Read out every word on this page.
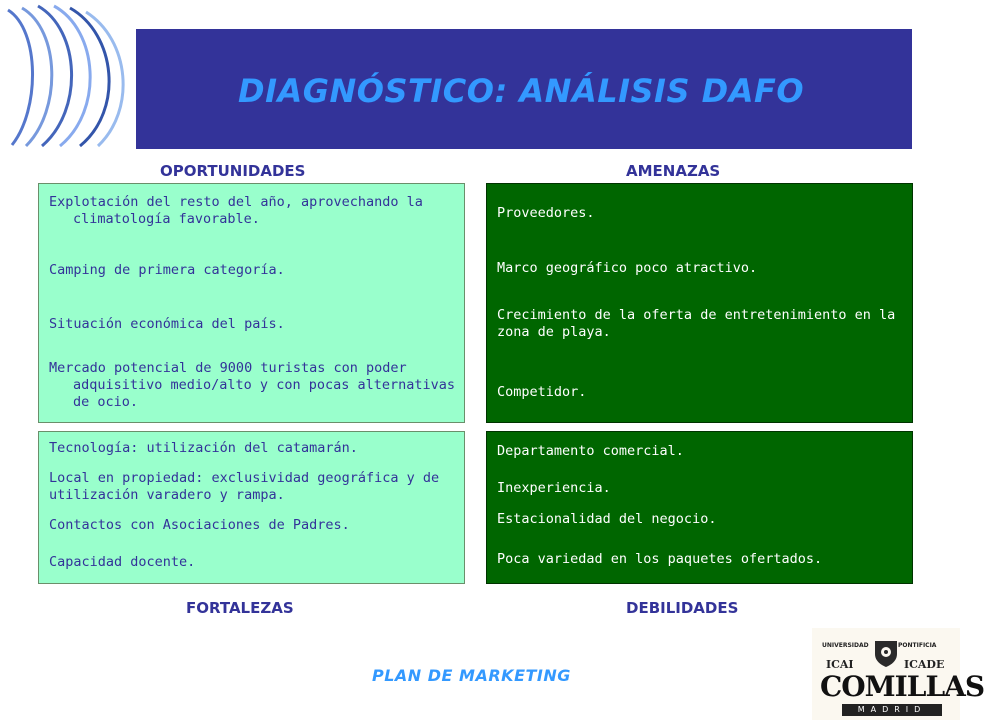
DIAGNÓSTICO: ANÁLISIS DAFO
OPORTUNIDADES	AMENAZAS
Explotación del resto del año, aprovechando la climatología favorable.
Camping de primera categoría.
Situación económica del país.
Mercado potencial de 9000 turistas con poder adquisitivo medio/alto y con pocas alternativas de ocio.
Proveedores.
Marco geográfico poco atractivo.
Crecimiento de la oferta de entretenimiento en la zona de playa.
Competidor.
Tecnología: utilización del catamarán.
Local en propiedad: exclusividad geográfica y de utilización varadero y rampa.
Contactos con Asociaciones de Padres.
Capacidad docente.
Departamento comercial.
Inexperiencia.
Estacionalidad del negocio.
Poca variedad en los paquetes ofertados.
FORTALEZAS	DEBILIDADES
PLAN DE MARKETING
UNIVERSIDAD	PONTIFICIA
ICAI	ICADE
COMILLAS
MADRID
